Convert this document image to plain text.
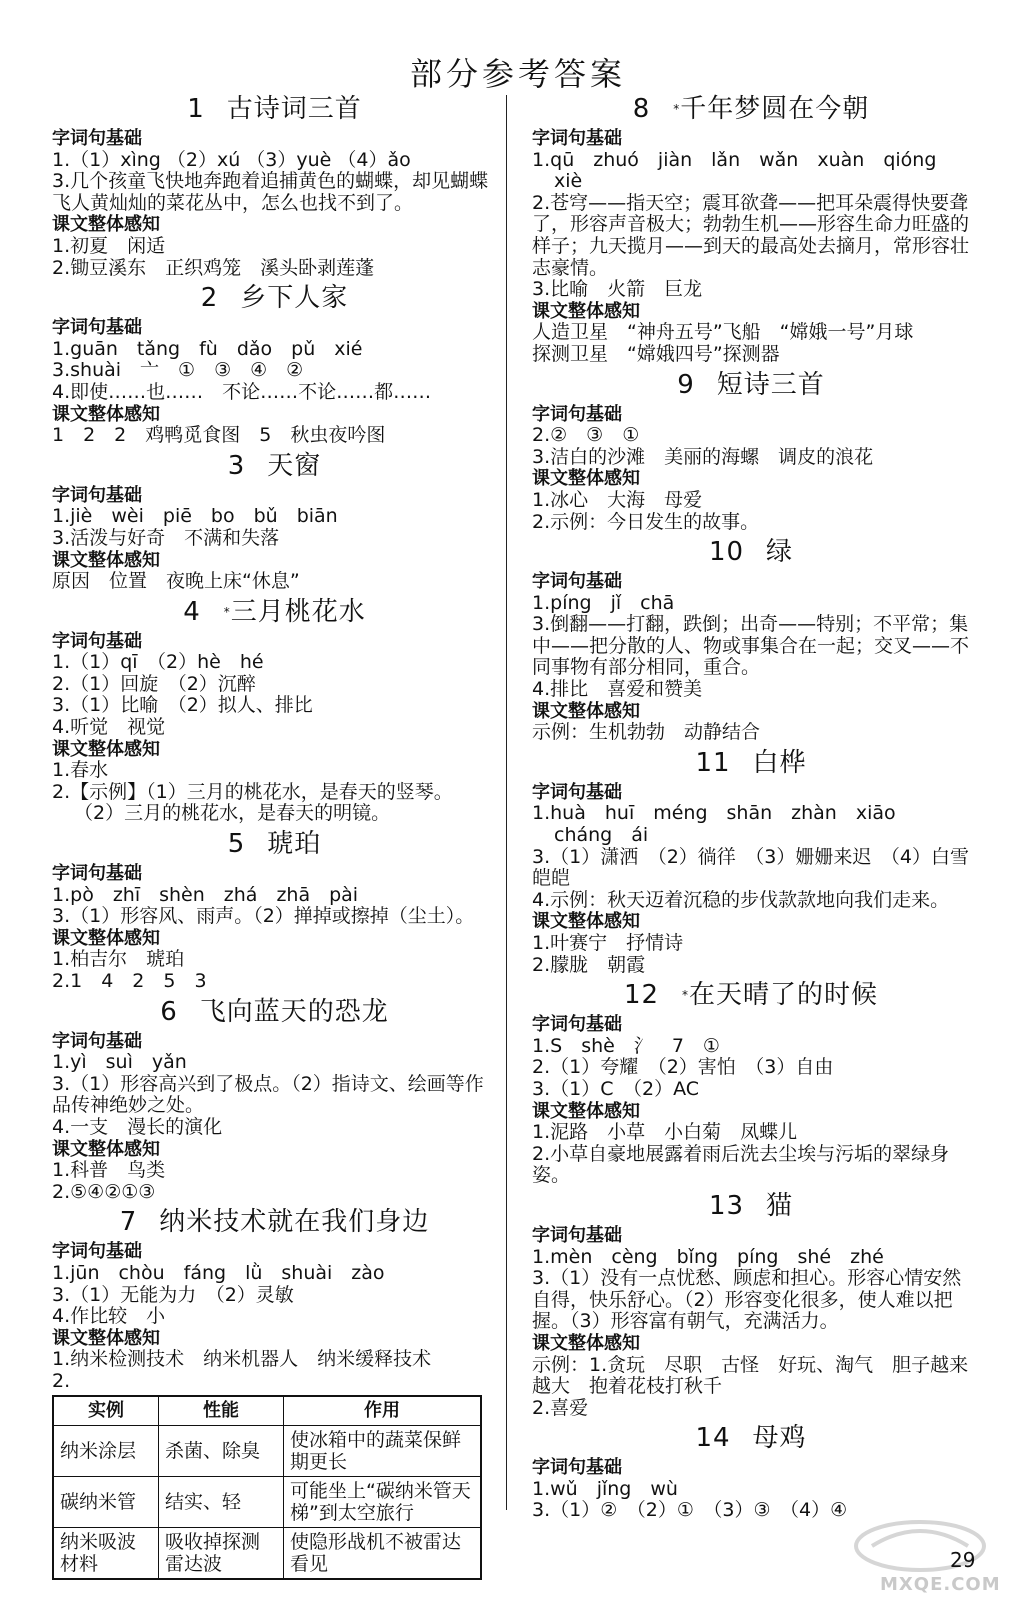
部分参考答案
1 古诗词三首
字词句基础
1.（1）xìng （2）xú （3）yuè （4）ǎo
3.几个孩童飞快地奔跑着追捕黄色的蝴蝶，却见蝴蝶飞人黄灿灿的菜花丛中，怎么也找不到了。
课文整体感知
1.初夏　闲适
2.锄豆溪东　正织鸡笼　溪头卧剥莲蓬
2 乡下人家
字词句基础
1.guān　tǎng　fù　dǎo　pǔ　xié
3.shuài　亠　①　③　④　②
4.即使……也……　不论……不论……都……
课文整体感知
1　2　2　鸡鸭觅食图　5　秋虫夜吟图
3 天窗
字词句基础
1.jiè　wèi　piē　bo　bǔ　biān
3.活泼与好奇　不满和失落
课文整体感知
原因　位置　夜晚上床“休息”
4 *三月桃花水
字词句基础
1.（1）qī　（2）hè　hé
2.（1）回旋　（2）沉醉
3.（1）比喻　（2）拟人、排比
4.听觉　视觉
课文整体感知
1.春水
2.【示例】（1）三月的桃花水，是春天的竖琴。
（2）三月的桃花水，是春天的明镜。
5 琥珀
字词句基础
1.pò　zhī　shèn　zhá　zhā　pài
3.（1）形容风、雨声。（2）掸掉或擦掉（尘土）。
课文整体感知
1.柏吉尔　琥珀
2.1　4　2　5　3
6 飞向蓝天的恐龙
字词句基础
1.yì　suì　yǎn
3.（1）形容高兴到了极点。（2）指诗文、绘画等作品传神绝妙之处。
4.一支　漫长的演化
课文整体感知
1.科普　鸟类
2.⑤④②①③
7 纳米技术就在我们身边
字词句基础
1.jūn　chòu　fáng　lǜ　shuài　zào
3.（1）无能为力　（2）灵敏
4.作比较　小
课文整体感知
1.纳米检测技术　纳米机器人　纳米缓释技术
2.
实例	性能	作用
纳米涂层	杀菌、除臭	使冰箱中的蔬菜保鲜期更长
碳纳米管	结实、轻	可能坐上“碳纳米管天梯”到太空旅行
纳米吸波材料	吸收掉探测雷达波	使隐形战机不被雷达看见
8 *千年梦圆在今朝
字词句基础
1.qū　zhuó　jiàn　lǎn　wǎn　xuàn　qióng
xiè
2.苍穹——指天空；震耳欲聋——把耳朵震得快要聋了，形容声音极大；勃勃生机——形容生命力旺盛的样子；九天揽月——到天的最高处去摘月，常形容壮志豪情。
3.比喻　火箭　巨龙
课文整体感知
人造卫星　“神舟五号”飞船　“嫦娥一号”月球
探测卫星　“嫦娥四号”探测器
9 短诗三首
字词句基础
2.②　③　①
3.洁白的沙滩　美丽的海螺　调皮的浪花
课文整体感知
1.冰心　大海　母爱
2.示例：今日发生的故事。
10 绿
字词句基础
1.píng　jǐ　chā
3.倒翻——打翻，跌倒；出奇——特别；不平常；集中——把分散的人、物或事集合在一起；交叉——不同事物有部分相同，重合。
4.排比　喜爱和赞美
课文整体感知
示例：生机勃勃　动静结合
11 白桦
字词句基础
1.huà　huī　méng　shān　zhàn　xiāo
cháng　ái
3.（1）潇洒　（2）徜徉　（3）姗姗来迟　（4）白雪皑皑
4.示例：秋天迈着沉稳的步伐款款地向我们走来。
课文整体感知
1.叶赛宁　抒情诗
2.朦胧　朝霞
12 *在天晴了的时候
字词句基础
1.S　shè　氵　7　①
2.（1）夸耀　（2）害怕　（3）自由
3.（1）C　（2）AC
课文整体感知
1.泥路　小草　小白菊　凤蝶儿
2.小草自豪地展露着雨后洗去尘埃与污垢的翠绿身姿。
13 猫
字词句基础
1.mèn　cèng　bǐng　píng　shé　zhé
3.（1）没有一点忧愁、顾虑和担心。形容心情安然自得，快乐舒心。（2）形容变化很多，使人难以把握。（3）形容富有朝气，充满活力。
课文整体感知
示例：1.贪玩　尽职　古怪　好玩、淘气　胆子越来越大　抱着花枝打秋千
2.喜爱
14 母鸡
字词句基础
1.wǔ　jǐng　wù
3.（1）②　（2）①　（3）③　（4）④
MXQE.COM
29
